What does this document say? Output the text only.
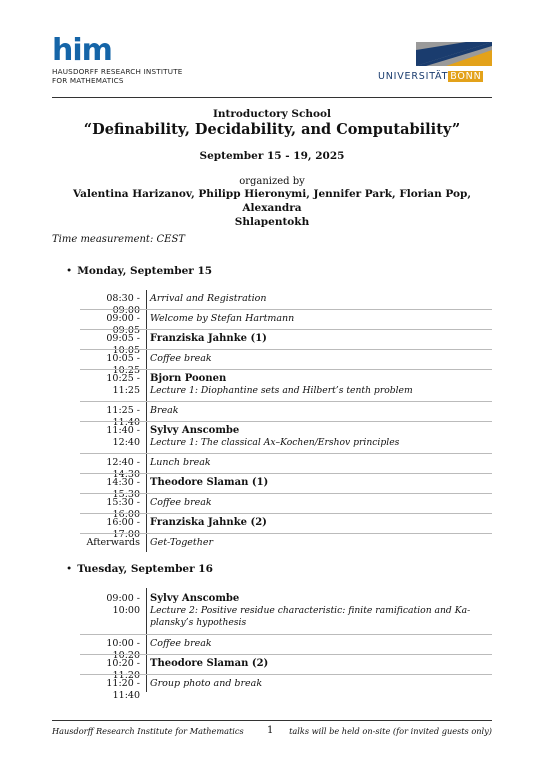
him
HAUSDORFF RESEARCH INSTITUTE
FOR MATHEMATICS	UNIVERSITÄT BONN
Introductory School
“Definability, Decidability, and Computability”
September 15 - 19, 2025
organized by
Valentina Harizanov, Philipp Hieronymi, Jennifer Park, Florian Pop, Alexandra
Shlapentokh
Time measurement: CEST
• Monday, September 15
08:30 - 09:00
Arrival and Registration
09:00 - 09:05
Welcome by Stefan Hartmann
09:05 - 10:05
Franziska Jahnke (1)
10:05 - 10:25
Coffee break
10:25 - 11:25
Bjorn Poonen
Lecture 1: Diophantine sets and Hilbert’s tenth problem
11:25 - 11:40
Break
11:40 - 12:40
Sylvy Anscombe
Lecture 1: The classical Ax–Kochen/Ershov principles
12:40 - 14:30
Lunch break
14:30 - 15:30
Theodore Slaman (1)
15:30 - 16:00
Coffee break
16:00 - 17:00
Franziska Jahnke (2)
Afterwards Get-Together
• Tuesday, September 16
09:00 - 10:00
Sylvy Anscombe
Lecture 2: Positive residue characteristic: finite ramification and Ka-
plansky’s hypothesis
10:00 - 10:20
Coffee break
10:20 - 11:20
Theodore Slaman (2)
11:20 - 11:40
Group photo and break
Hausdorff Research Institute for Mathematics 1 talks will be held on-site (for invited guests only)
